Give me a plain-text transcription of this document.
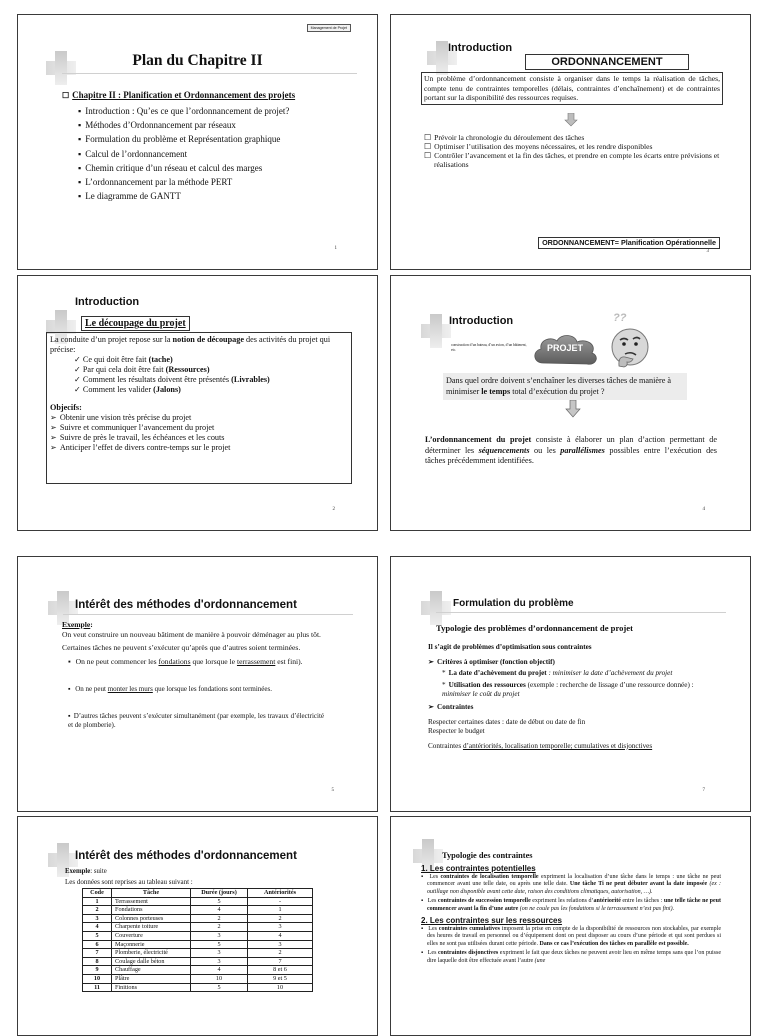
Management de Projet
Plan du Chapitre II
☐ Chapitre II : Planification et Ordonnancement des projets
▪ Introduction : Qu’es ce que l’ordonnancement de projet?
▪ Méthodes d’Ordonnancement par réseaux
▪ Formulation du problème et Représentation graphique
▪ Calcul de l’ordonnancement
▪ Chemin critique d’un réseau et calcul des marges
▪ L’ordonnancement par la méthode PERT
▪ Le diagramme de GANTT
1
Introduction
ORDONNANCEMENT
Un problème d’ordonnancement consiste à organiser dans le temps la réalisation de tâches, compte tenu de contraintes temporelles (délais, contraintes d’enchaînement) et de contraintes portant sur la disponibilité des ressources requises.
☐ Prévoir la chronologie du déroulement des tâches
☐ Optimiser l’utilisation des moyens nécessaires, et les rendre disponibles
☐ Contrôler l’avancement et la fin des tâches, et prendre en compte les écarts entre prévisions et réalisations
ORDONNANCEMENT= Planification Opérationnelle
3
Introduction
Le découpage du projet
La conduite d’un projet repose sur la notion de découpage des activités du projet qui précise:
✓ Ce qui doit être fait (tache)
✓ Par qui cela doit être fait (Ressources)
✓ Comment les résultats doivent être présentés (Livrables)
✓ Comment les valider (Jalons)
Objecifs:
➢ Obtenir une vision très précise du projet
➢ Suivre et communiquer l’avancement du projet
➢ Suivre de près le travail, les échéances et les couts
➢ Anticiper l’effet de divers contre-temps sur le projet
2
Introduction
construction d’un bateau, d’un avion, d’un bâtiment, etc.	PROJET
??
Dans quel ordre doivent s’enchaîner les diverses tâches de manière à minimiser le temps total d’exécution du projet ?
L’ordonnancement du projet consiste à élaborer un plan d’action permettant de déterminer les séquencements ou les parallélismes possibles entre l’exécution des tâches précédemment identifiées.
4
Intérêt des méthodes d'ordonnancement
Exemple:
On veut construire un nouveau bâtiment de manière à pouvoir déménager au plus tôt.
Certaines tâches ne peuvent s’exécuter qu’après que d’autres soient terminées.
▪ On ne peut commencer les fondations que lorsque le terrassement est fini).
▪ On ne peut monter les murs que lorsque les fondations sont terminées.
▪ D’autres tâches peuvent s’exécuter simultanément (par exemple, les travaux d’électricité et de plomberie).
5
Formulation du problème
Typologie des problèmes d’ordonnancement de projet
Il s’agit de problèmes d’optimisation sous contraintes
➢ Critères à optimiser (fonction objectif)
* La date d’achèvement du projet : minimiser la date d’achèvement du projet
* Utilisation des ressources (exemple : recherche de lissage d’une ressource donnée) : minimiser le coût du projet
➢ Contraintes
Respecter certaines dates : date de début ou date de fin
Respecter le budget
Contraintes d’antériorités, localisation temporelle; cumulatives et disjonctives
7
Intérêt des méthodes d'ordonnancement
Exemple: suite
Les données sont reprises au tableau suivant :
Code	Tâche	Durée (jours)	Antériorités
1	Terrassement	5	-
2	Fondations	4	1
3	Colonnes porteuses	2	2
4	Charpente toiture	2	3
5	Couverture	3	4
6	Maçonnerie	5	3
7	Plomberie, électricité	3	2
8	Coulage dalle béton	3	7
9	Chauffage	4	8 et 6
10	Plâtre	10	9 et 5
11	Finitions	5	10
Typologie des contraintes
1. Les contraintes potentielles
▪ Les contraintes de localisation temporelle expriment la localisation d’une tâche dans le temps : une tâche ne peut commencer avant une telle date, ou après une telle date. Une tâche Ti ne peut débuter avant la date imposée (ex : outillage non disponible avant cette date, raison des conditions climatiques, autorisation, …).
▪ Les contraintes de succession temporelle expriment les relations d’antériorité entre les tâches : une telle tâche ne peut commencer avant la fin d’une autre (on ne coule pas les fondations si le terrassement n’est pas fini).
2. Les contraintes sur les ressources
▪ Les contraintes cumulatives imposent la prise en compte de la disponibilité de ressources non stockables, par exemple des heures de travail en personnel ou d’équipement dont on peut disposer au cours d’une période et qui sont perdues si elles ne sont pas utilisées durant cette période. Dans ce cas l’exécution des tâches en parallèle est possible.
▪ Les contraintes disjonctives expriment le fait que deux tâches ne peuvent avoir lieu en même temps sans que l’on puisse dire laquelle doit être effectuée avant l’autre (une
